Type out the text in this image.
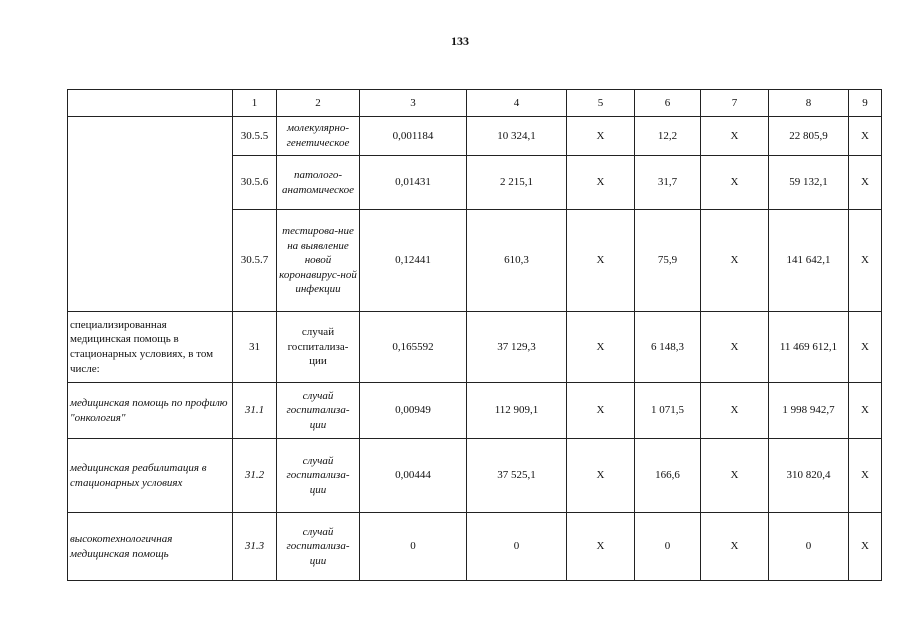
133
	1	2	3	4	5	6	7	8	9
	30.5.5	молекулярно-генетическое	0,001184	10 324,1	X	12,2	X	22 805,9	X
	30.5.6	патолого-анатомическое	0,01431	2 215,1	X	31,7	X	59 132,1	X
	30.5.7	тестирова-ние на выявление новой коронавирус-ной инфекции	0,12441	610,3	X	75,9	X	141 642,1	X
специализированная медицинская помощь в стационарных условиях, в том числе:	31	случай госпитализа-ции	0,165592	37 129,3	X	6 148,3	X	11 469 612,1	X
медицинская помощь по профилю "онкология"	31.1	случай госпитализа-ции	0,00949	112 909,1	X	1 071,5	X	1 998 942,7	X
медицинская реабилитация в стационарных условиях	31.2	случай госпитализа-ции	0,00444	37 525,1	X	166,6	X	310 820,4	X
высокотехнологичная медицинская помощь	31.3	случай госпитализа-ции	0	0	X	0	X	0	X
